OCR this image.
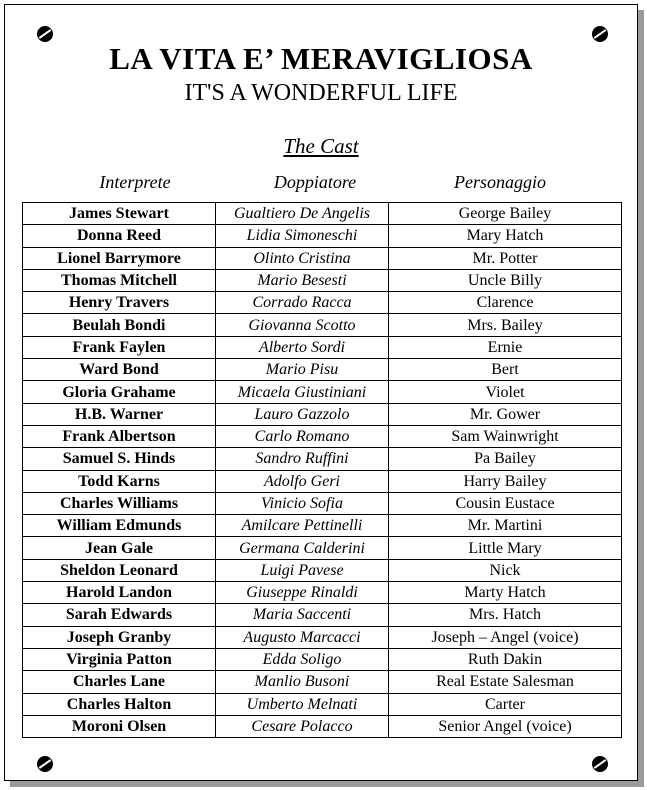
LA VITA E’ MERAVIGLIOSA
IT'S A WONDERFUL LIFE
The Cast
Interprete	Doppiatore	Personaggio
James Stewart	Gualtiero De Angelis	George Bailey
Donna Reed	Lidia Simoneschi	Mary Hatch
Lionel Barrymore	Olinto Cristina	Mr. Potter
Thomas Mitchell	Mario Besesti	Uncle Billy
Henry Travers	Corrado Racca	Clarence
Beulah Bondi	Giovanna Scotto	Mrs. Bailey
Frank Faylen	Alberto Sordi	Ernie
Ward Bond	Mario Pisu	Bert
Gloria Grahame	Micaela Giustiniani	Violet
H.B. Warner	Lauro Gazzolo	Mr. Gower
Frank Albertson	Carlo Romano	Sam Wainwright
Samuel S. Hinds	Sandro Ruffini	Pa Bailey
Todd Karns	Adolfo Geri	Harry Bailey
Charles Williams	Vinicio Sofia	Cousin Eustace
William Edmunds	Amilcare Pettinelli	Mr. Martini
Jean Gale	Germana Calderini	Little Mary
Sheldon Leonard	Luigi Pavese	Nick
Harold Landon	Giuseppe Rinaldi	Marty Hatch
Sarah Edwards	Maria Saccenti	Mrs. Hatch
Joseph Granby	Augusto Marcacci	Joseph – Angel (voice)
Virginia Patton	Edda Soligo	Ruth Dakin
Charles Lane	Manlio Busoni	Real Estate Salesman
Charles Halton	Umberto Melnati	Carter
Moroni Olsen	Cesare Polacco	Senior Angel (voice)
